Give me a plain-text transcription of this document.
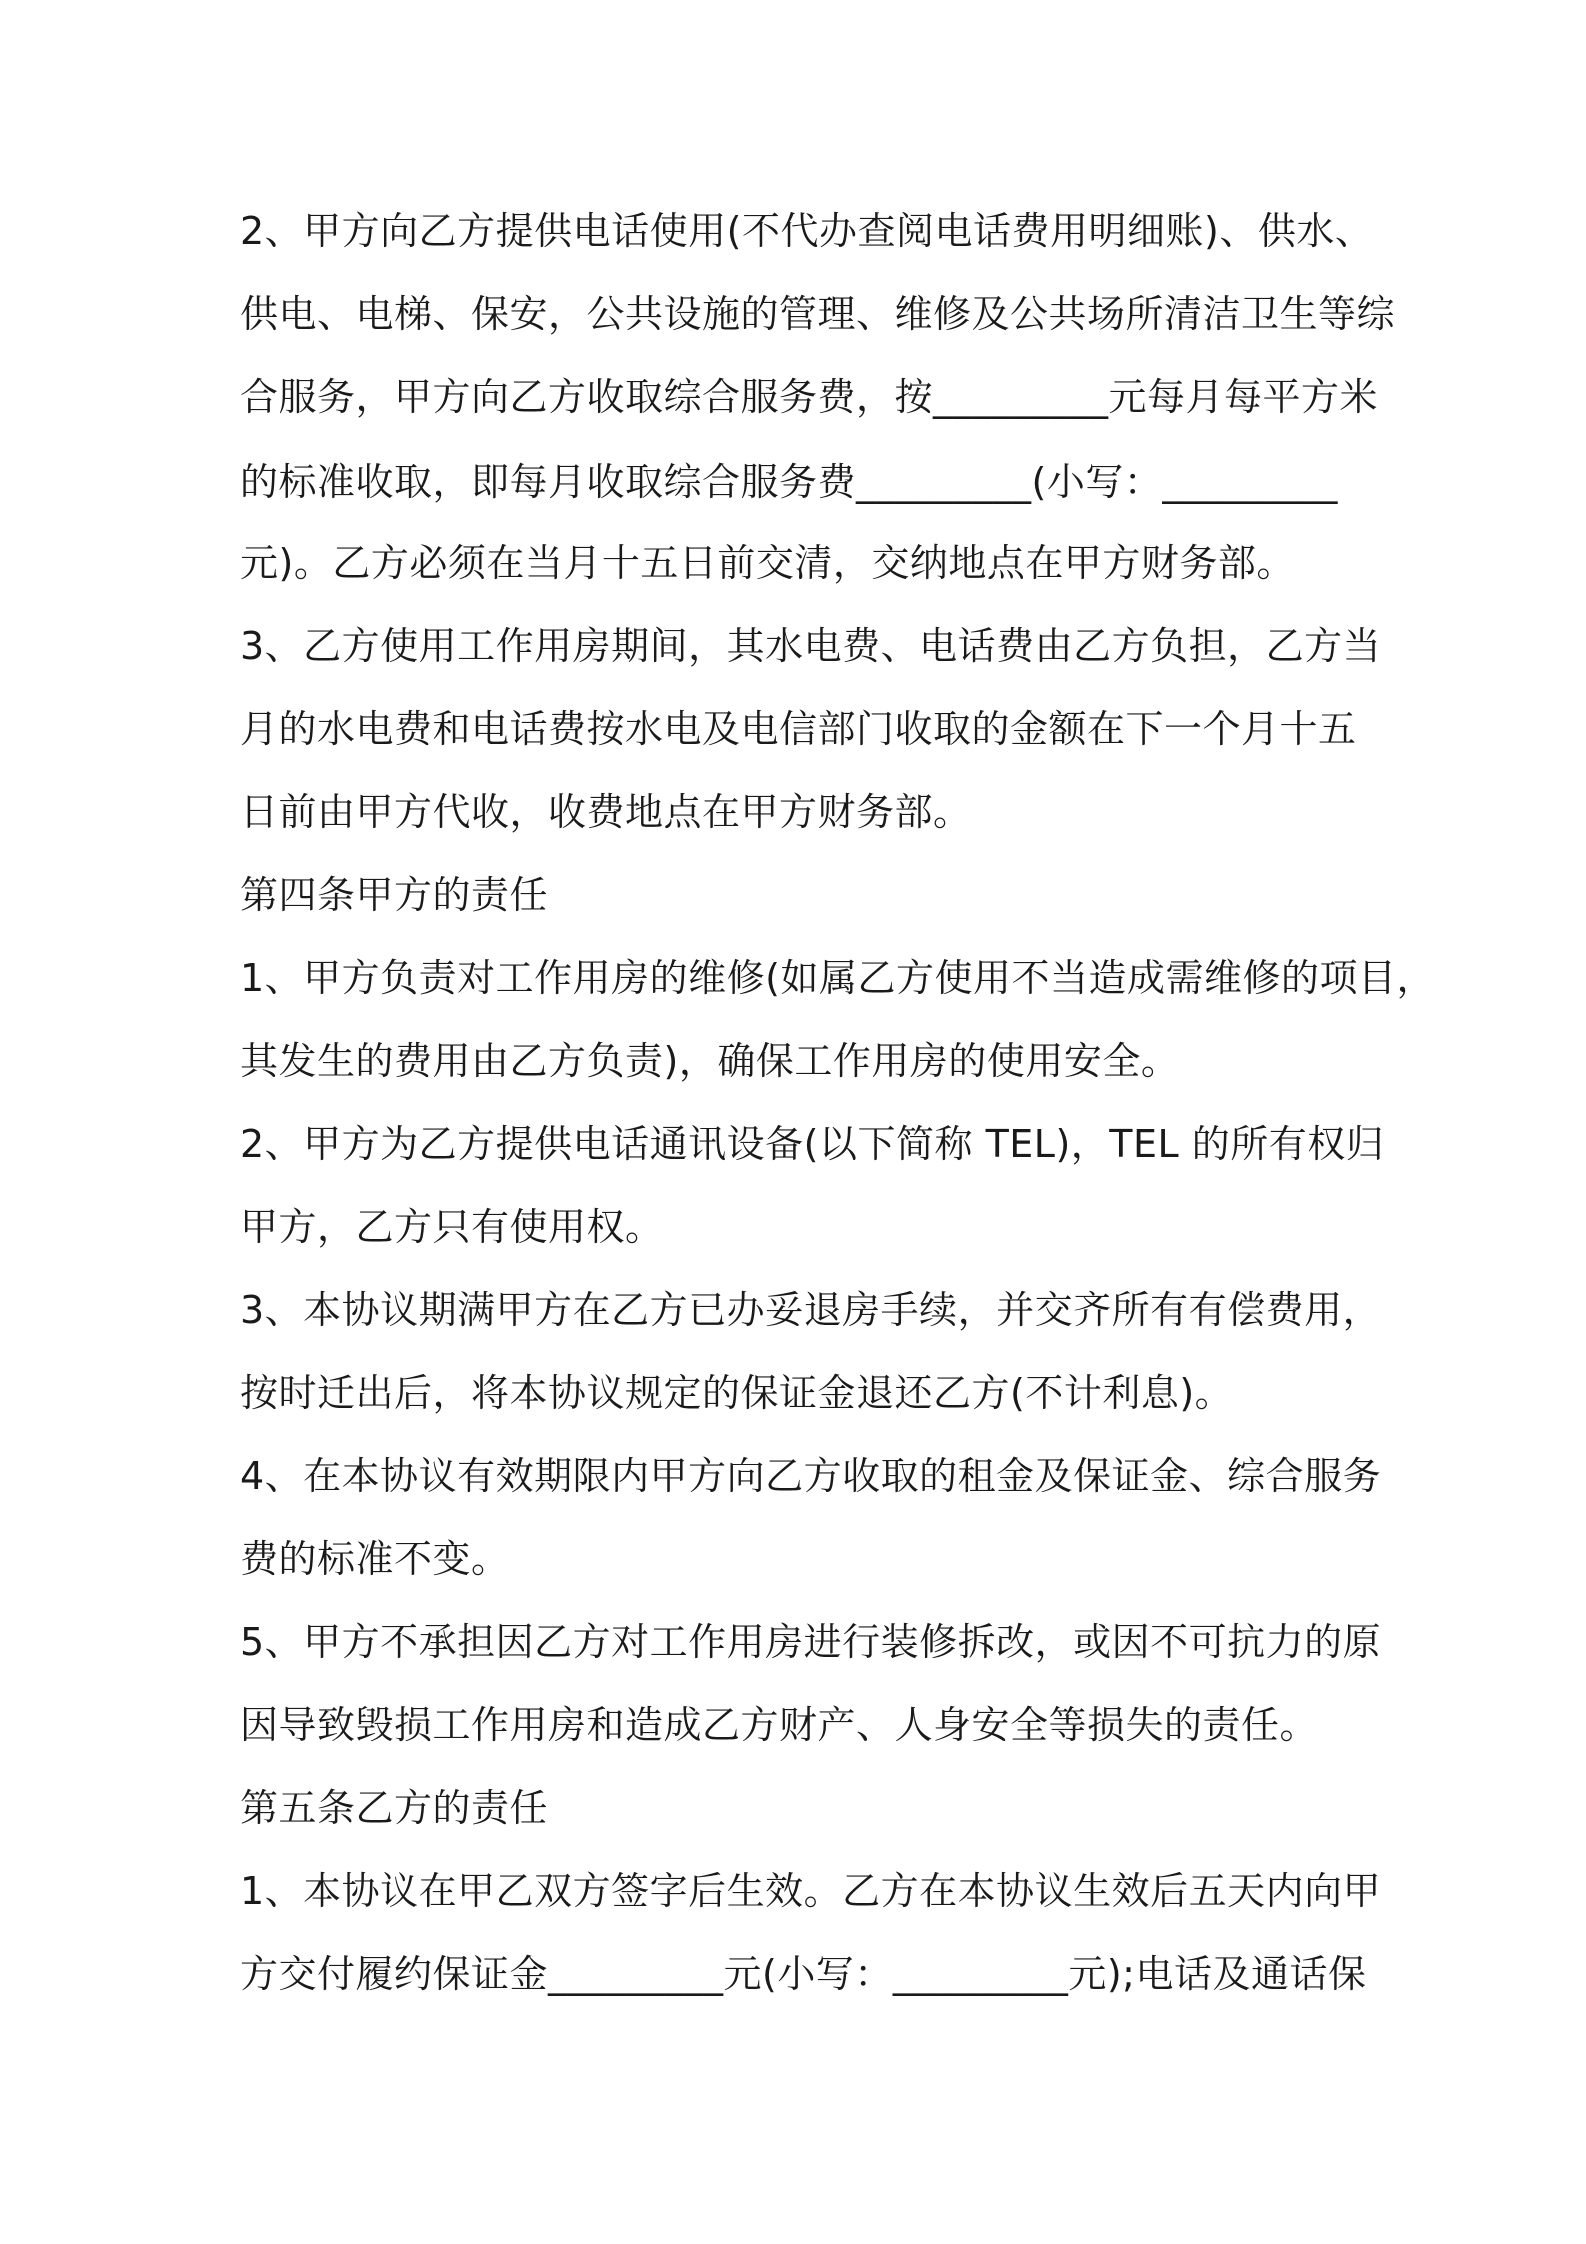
2、甲方向乙方提供电话使用(不代办查阅电话费用明细账)、供水、
供电、电梯、保安，公共设施的管理、维修及公共场所清洁卫生等综
合服务，甲方向乙方收取综合服务费，按_________元每月每平方米
的标准收取，即每月收取综合服务费_________(小写：_________
元)。乙方必须在当月十五日前交清，交纳地点在甲方财务部。
3、乙方使用工作用房期间，其水电费、电话费由乙方负担，乙方当
月的水电费和电话费按水电及电信部门收取的金额在下一个月十五
日前由甲方代收，收费地点在甲方财务部。
第四条甲方的责任
1、甲方负责对工作用房的维修(如属乙方使用不当造成需维修的项目，
其发生的费用由乙方负责)，确保工作用房的使用安全。
2、甲方为乙方提供电话通讯设备(以下简称 TEL)，TEL 的所有权归
甲方，乙方只有使用权。
3、本协议期满甲方在乙方已办妥退房手续，并交齐所有有偿费用，
按时迁出后，将本协议规定的保证金退还乙方(不计利息)。
4、在本协议有效期限内甲方向乙方收取的租金及保证金、综合服务
费的标准不变。
5、甲方不承担因乙方对工作用房进行装修拆改，或因不可抗力的原
因导致毁损工作用房和造成乙方财产、人身安全等损失的责任。
第五条乙方的责任
1、本协议在甲乙双方签字后生效。乙方在本协议生效后五天内向甲
方交付履约保证金_________元(小写：_________元);电话及通话保
